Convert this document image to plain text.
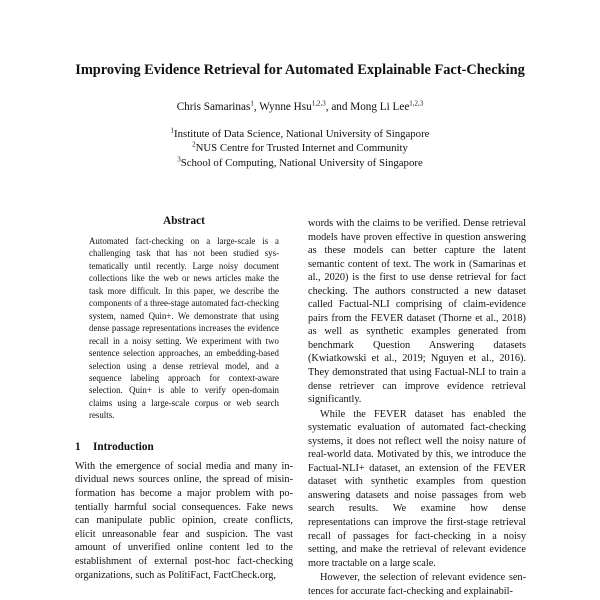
Improving Evidence Retrieval for Automated Explainable Fact-Checking
Chris Samarinas$^1$, Wynne Hsu$^{1,2,3}$, and Mong Li Lee$^{1,2,3}$
$^1$Institute of Data Science, National University of Singapore
$^2$NUS Centre for Trusted Internet and Community
$^3$School of Computing, National University of Singapore
Abstract

Automated fact-checking on a large-scale is a challenging task that has not been studied systematically until recently. Large noisy document collections like the web or news articles make the task more difficult. In this paper, we describe the components of a three-stage automated fact-checking system, named Quin+. We demonstrate that using dense passage representations increases the evidence recall in a noisy setting. We experiment with two sentence selection approaches, an embedding-based selection using a dense retrieval model, and a sequence labeling approach for context-aware selection. Quin+ is able to verify open-domain claims using a large-scale corpus or web search results.

1 Introduction

With the emergence of social media and many individual news sources online, the spread of misinformation has become a major problem with potentially harmful social consequences. Fake news can manipulate public opinion, create conflicts, elicit unreasonable fear and suspicion. The vast amount of unverified online content led to the establishment of external post-hoc fact-checking organizations, such as PolitiFact, FactCheck.org,

words with the claims to be verified. Dense retrieval models have proven effective in question answering as these models can better capture the latent semantic content of text. The work in (Samarinas et al., 2020) is the first to use dense retrieval for fact checking. The authors constructed a new dataset called Factual-NLI comprising of claim-evidence pairs from the FEVER dataset (Thorne et al., 2018) as well as synthetic examples generated from benchmark Question Answering datasets (Kwiatkowski et al., 2019; Nguyen et al., 2016). They demonstrated that using Factual-NLI to train a dense retriever can improve evidence retrieval significantly.

While the FEVER dataset has enabled the systematic evaluation of automated fact-checking systems, it does not reflect well the noisy nature of real-world data. Motivated by this, we introduce the Factual-NLI+ dataset, an extension of the FEVER dataset with synthetic examples from question answering datasets and noise passages from web search results. We examine how dense representations can improve the first-stage retrieval recall of passages for fact-checking in a noisy setting, and make the retrieval of relevant evidence more tractable on a large scale.

However, the selection of relevant evidence sentences for accurate fact-checking and explainabil-
